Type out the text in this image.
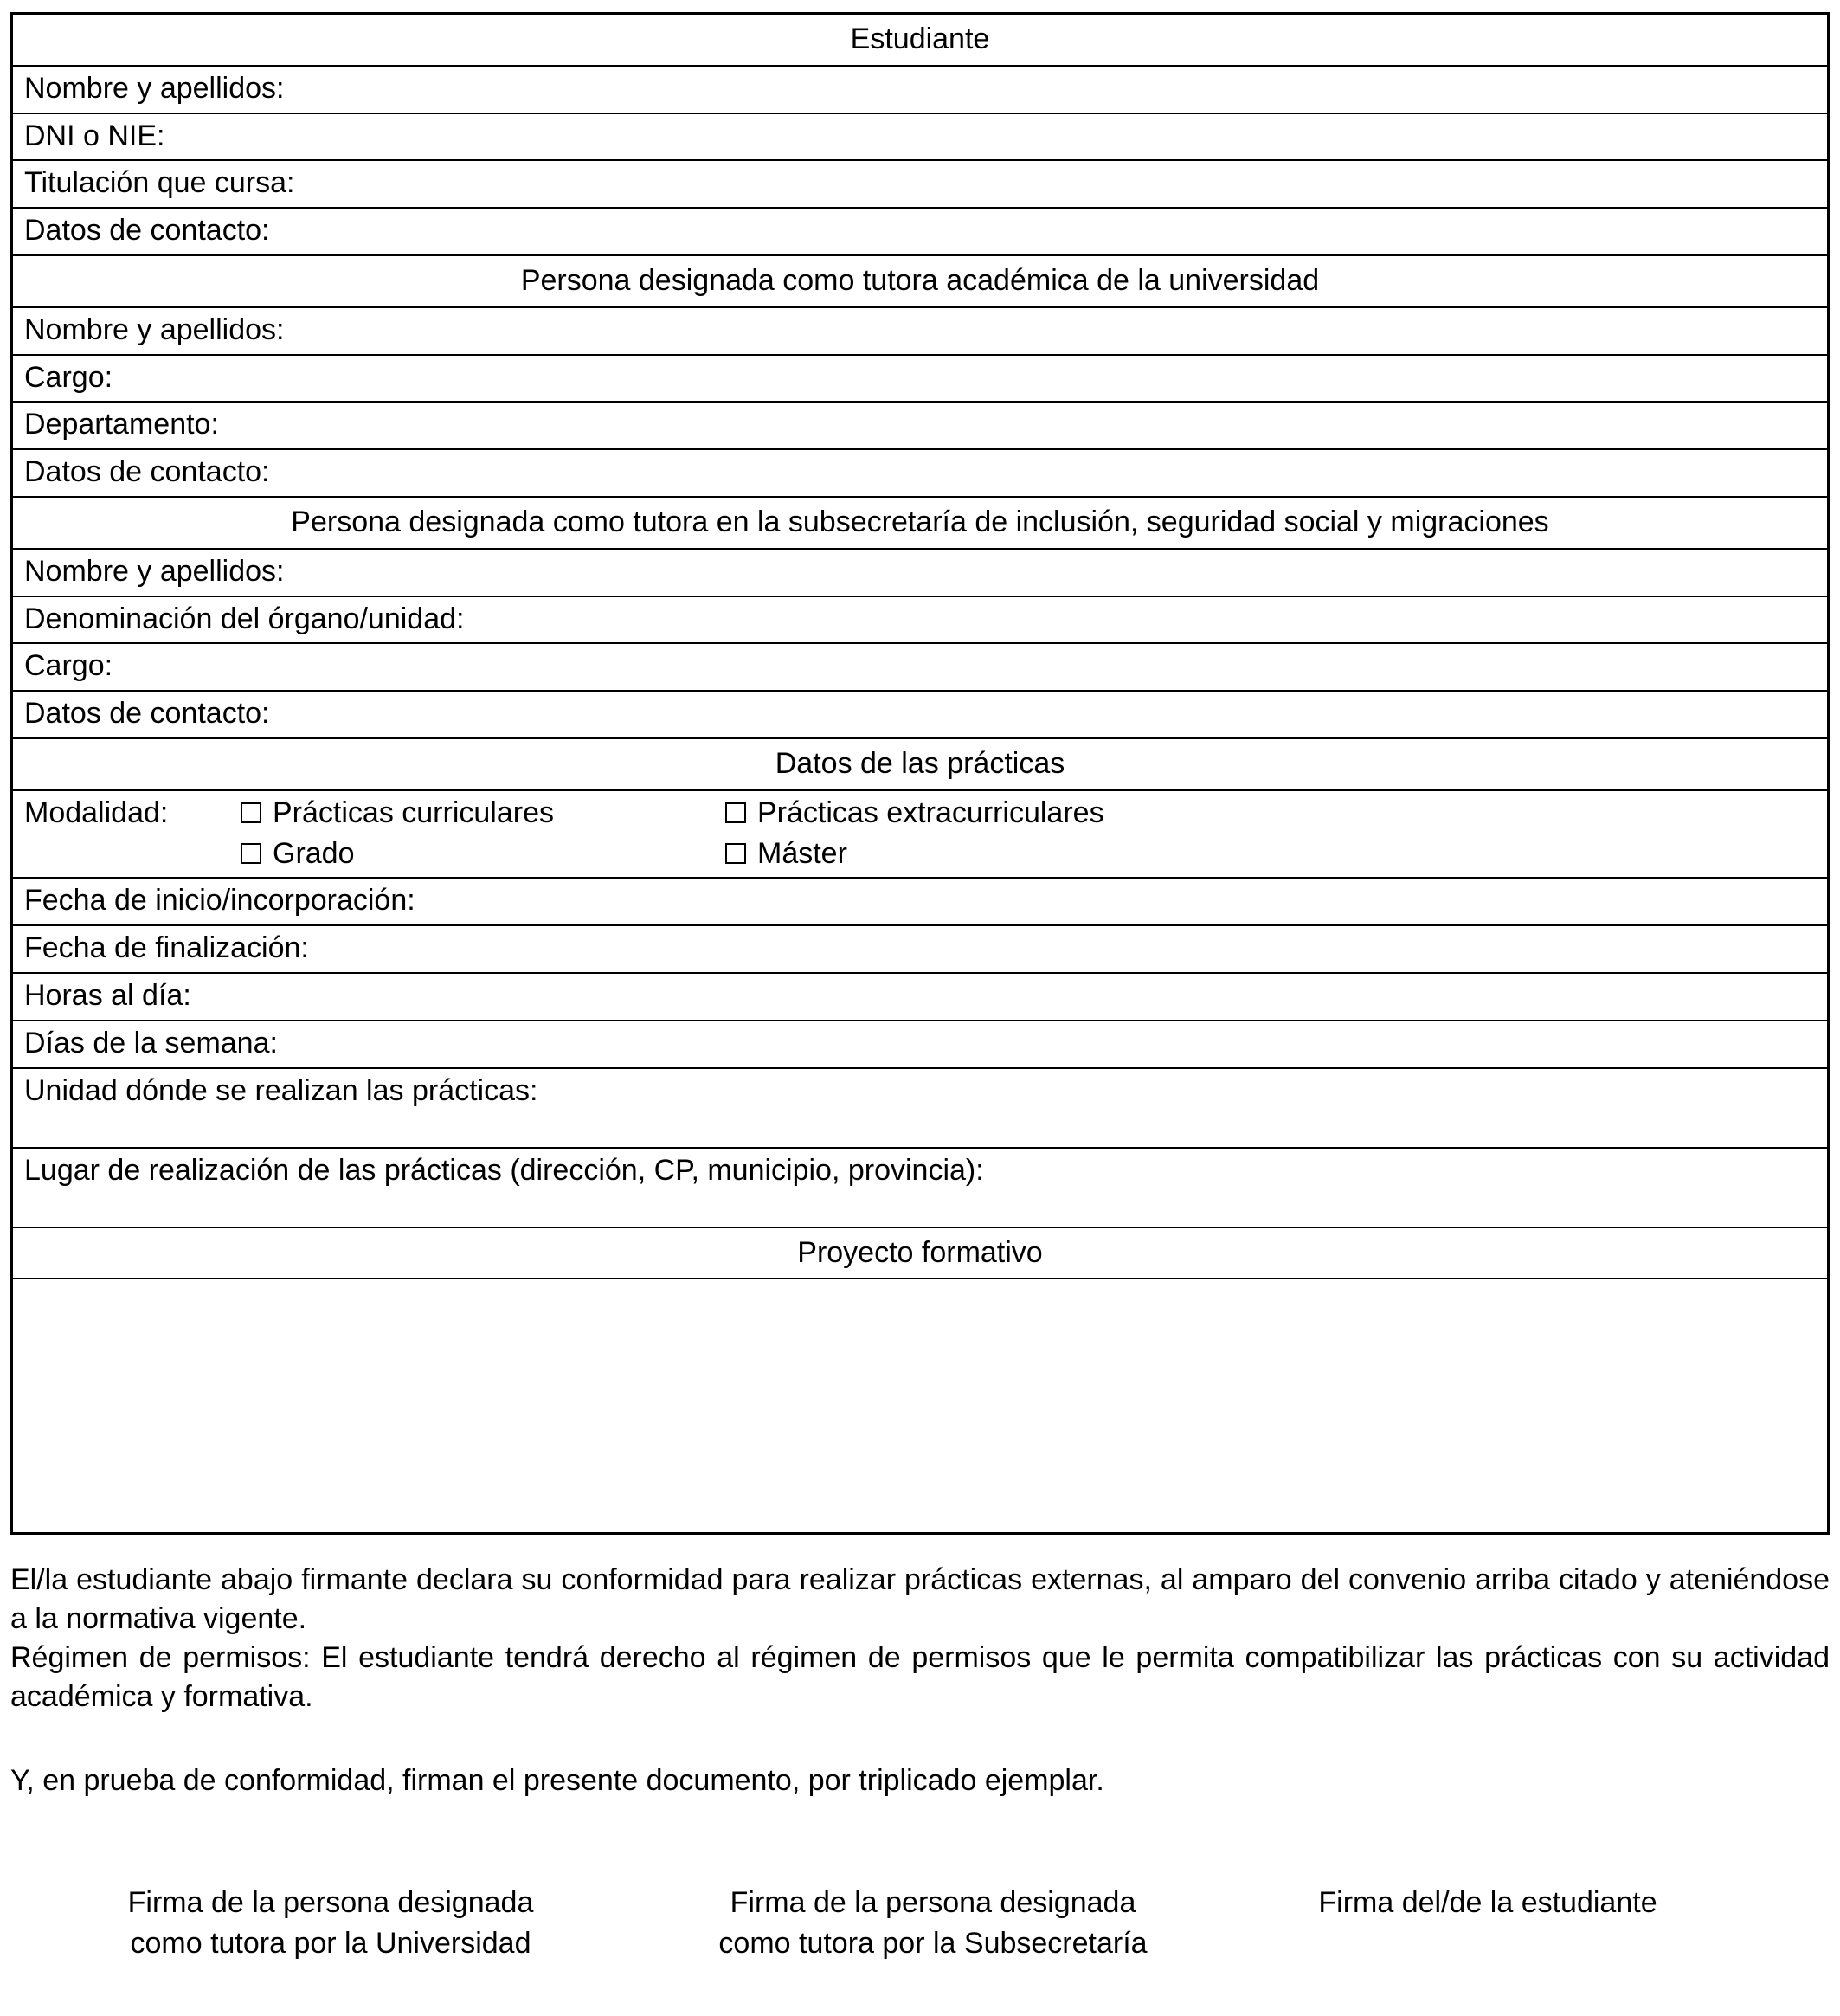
Estudiante
Nombre y apellidos:
DNI o NIE:
Titulación que cursa:
Datos de contacto:
Persona designada como tutora académica de la universidad
Nombre y apellidos:
Cargo:
Departamento:
Datos de contacto:
Persona designada como tutora en la subsecretaría de inclusión, seguridad social y migraciones
Nombre y apellidos:
Denominación del órgano/unidad:
Cargo:
Datos de contacto:
Datos de las prácticas
Modalidad:	Prácticas curriculares	Prácticas extracurriculares
Grado	Máster
Fecha de inicio/incorporación:
Fecha de finalización:
Horas al día:
Días de la semana:
Unidad dónde se realizan las prácticas:
Lugar de realización de las prácticas (dirección, CP, municipio, provincia):
Proyecto formativo

El/la estudiante abajo firmante declara su conformidad para realizar prácticas externas, al amparo del convenio arriba citado y ateniéndose a la normativa vigente.

Régimen de permisos: El estudiante tendrá derecho al régimen de permisos que le permita compatibilizar las prácticas con su actividad académica y formativa.

Y, en prueba de conformidad, firman el presente documento, por triplicado ejemplar.

Firma de la persona designada
como tutora por la Universidad
Firma de la persona designada
como tutora por la Subsecretaría
Firma del/de la estudiante
